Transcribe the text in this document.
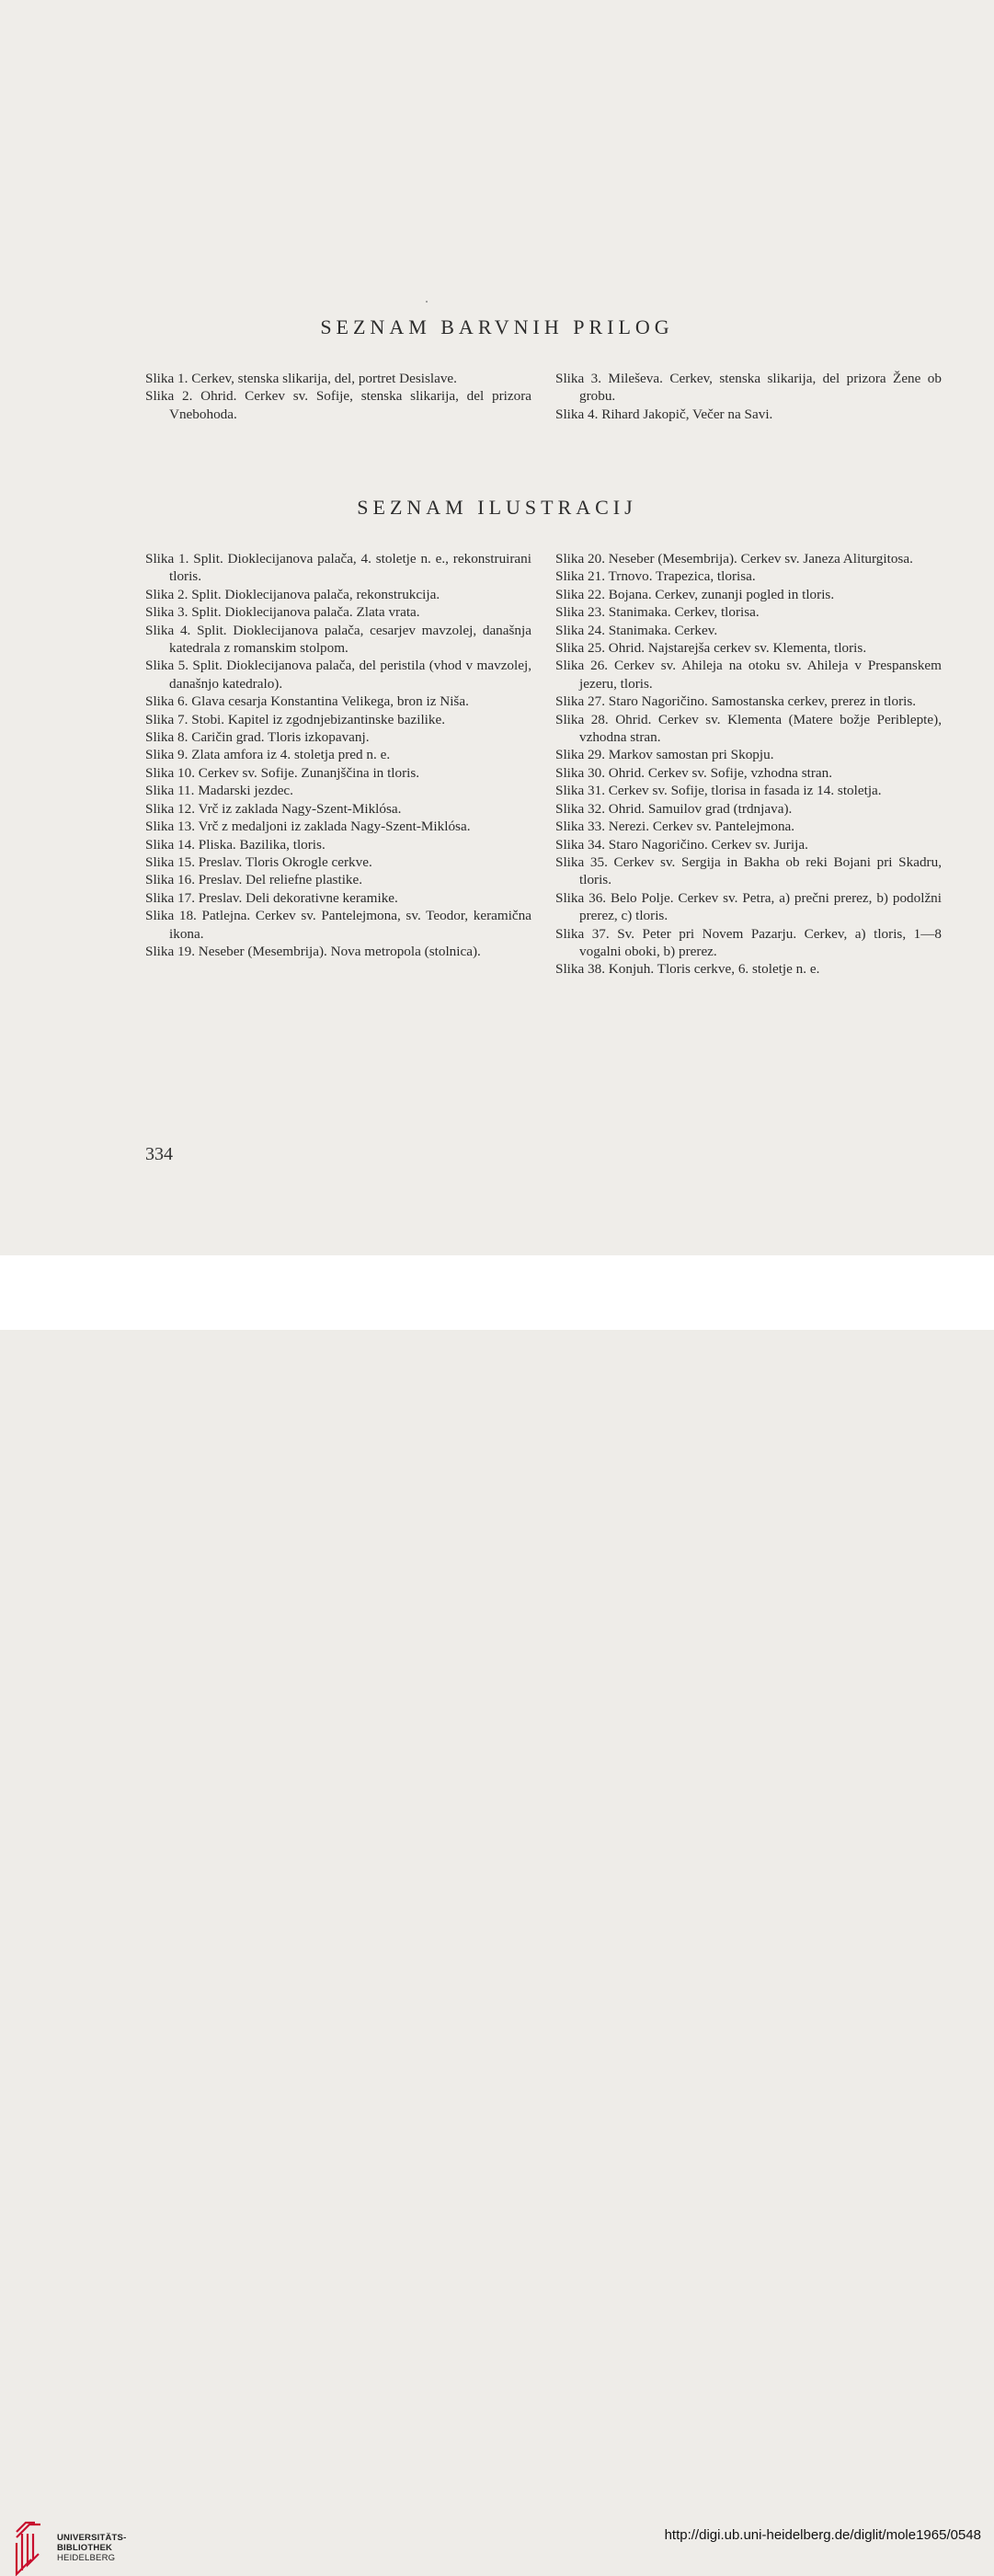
SEZNAM BARVNIH PRILOG
Slika 1. Cerkev, stenska slikarija, del, portret Desislave.
Slika 2. Ohrid. Cerkev sv. Sofije, stenska slikarija, del prizora Vnebohoda.
Slika 3. Mileševa. Cerkev, stenska slikarija, del prizora Žene ob grobu.
Slika 4. Rihard Jakopič, Večer na Savi.
SEZNAM ILUSTRACIJ
Slika 1. Split. Dioklecijanova palača, 4. stoletje n. e., rekonstruirani tloris.
Slika 2. Split. Dioklecijanova palača, rekonstrukcija.
Slika 3. Split. Dioklecijanova palača. Zlata vrata.
Slika 4. Split. Dioklecijanova palača, cesarjev mavzolej, današnja katedrala z romanskim stolpom.
Slika 5. Split. Dioklecijanova palača, del peristila (vhod v mavzolej, današnjo katedralo).
Slika 6. Glava cesarja Konstantina Velikega, bron iz Niša.
Slika 7. Stobi. Kapitel iz zgodnjebizantinske bazilike.
Slika 8. Caričin grad. Tloris izkopavanj.
Slika 9. Zlata amfora iz 4. stoletja pred n. e.
Slika 10. Cerkev sv. Sofije. Zunanjščina in tloris.
Slika 11. Madarski jezdec.
Slika 12. Vrč iz zaklada Nagy-Szent-Miklósa.
Slika 13. Vrč z medaljoni iz zaklada Nagy-Szent-Miklósa.
Slika 14. Pliska. Bazilika, tloris.
Slika 15. Preslav. Tloris Okrogle cerkve.
Slika 16. Preslav. Del reliefne plastike.
Slika 17. Preslav. Deli dekorativne keramike.
Slika 18. Patlejna. Cerkev sv. Pantelejmona, sv. Teodor, keramična ikona.
Slika 19. Neseber (Mesembrija). Nova metropola (stolnica).
Slika 20. Neseber (Mesembrija). Cerkev sv. Janeza Aliturgitosa.
Slika 21. Trnovo. Trapezica, tlorisa.
Slika 22. Bojana. Cerkev, zunanji pogled in tloris.
Slika 23. Stanimaka. Cerkev, tlorisa.
Slika 24. Stanimaka. Cerkev.
Slika 25. Ohrid. Najstarejša cerkev sv. Klementa, tloris.
Slika 26. Cerkev sv. Ahileja na otoku sv. Ahileja v Prespanskem jezeru, tloris.
Slika 27. Staro Nagoričino. Samostanska cerkev, prerez in tloris.
Slika 28. Ohrid. Cerkev sv. Klementa (Matere božje Periblepte), vzhodna stran.
Slika 29. Markov samostan pri Skopju.
Slika 30. Ohrid. Cerkev sv. Sofije, vzhodna stran.
Slika 31. Cerkev sv. Sofije, tlorisa in fasada iz 14. stoletja.
Slika 32. Ohrid. Samuilov grad (trdnjava).
Slika 33. Nerezi. Cerkev sv. Pantelejmona.
Slika 34. Staro Nagoričino. Cerkev sv. Jurija.
Slika 35. Cerkev sv. Sergija in Bakha ob reki Bojani pri Skadru, tloris.
Slika 36. Belo Polje. Cerkev sv. Petra, a) prečni prerez, b) podolžni prerez, c) tloris.
Slika 37. Sv. Peter pri Novem Pazarju. Cerkev, a) tloris, 1—8 vogalni oboki, b) prerez.
Slika 38. Konjuh. Tloris cerkve, 6. stoletje n. e.
334
UNIVERSITÄTS-
BIBLIOTHEK
HEIDELBERG
http://digi.ub.uni-heidelberg.de/diglit/mole1965/0548
